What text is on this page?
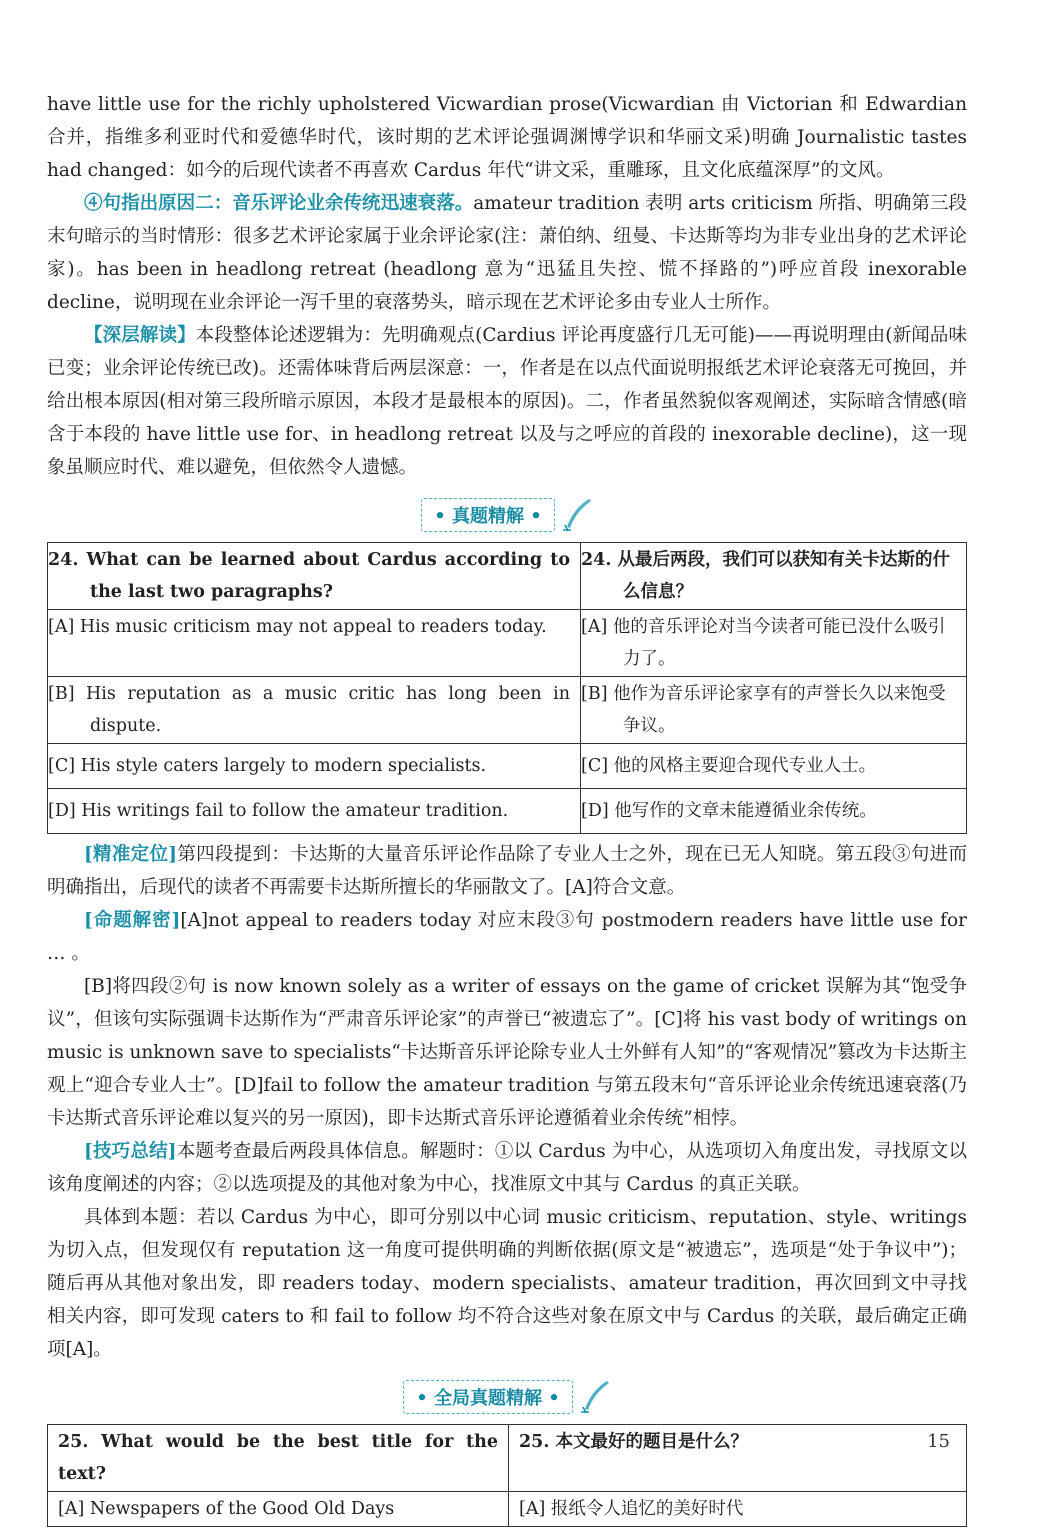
have little use for the richly upholstered Vicwardian prose(Vicwardian 由 Victorian 和 Edwardian 合并，指维多利亚时代和爱德华时代，该时期的艺术评论强调渊博学识和华丽文采)明确 Journalistic tastes had changed：如今的后现代读者不再喜欢 Cardus 年代“讲文采，重雕琢，且文化底蕴深厚”的文风。

④句指出原因二：音乐评论业余传统迅速衰落。amateur tradition 表明 arts criticism 所指、明确第三段末句暗示的当时情形：很多艺术评论家属于业余评论家(注：萧伯纳、纽曼、卡达斯等均为非专业出身的艺术评论家)。has been in headlong retreat (headlong 意为“迅猛且失控、慌不择路的”)呼应首段 inexorable decline，说明现在业余评论一泻千里的衰落势头，暗示现在艺术评论多由专业人士所作。

【深层解读】本段整体论述逻辑为：先明确观点(Cardius 评论再度盛行几无可能)——再说明理由(新闻品味已变；业余评论传统已改)。还需体味背后两层深意：一，作者是在以点代面说明报纸艺术评论衰落无可挽回，并给出根本原因(相对第三段所暗示原因，本段才是最根本的原因)。二，作者虽然貌似客观阐述，实际暗含情感(暗含于本段的 have little use for、in headlong retreat 以及与之呼应的首段的 inexorable decline)，这一现象虽顺应时代、难以避免，但依然令人遗憾。

• 真题精解 •
24. What can be learned about Cardus according to the last two paragraphs?	24. 从最后两段，我们可以获知有关卡达斯的什么信息？
[A] His music criticism may not appeal to readers today.	[A] 他的音乐评论对当今读者可能已没什么吸引力了。
[B] His reputation as a music critic has long been in dispute.	[B] 他作为音乐评论家享有的声誉长久以来饱受争议。
[C] His style caters largely to modern specialists.	[C] 他的风格主要迎合现代专业人士。
[D] His writings fail to follow the amateur tradition.	[D] 他写作的文章未能遵循业余传统。

[精准定位]第四段提到：卡达斯的大量音乐评论作品除了专业人士之外，现在已无人知晓。第五段③句进而明确指出，后现代的读者不再需要卡达斯所擅长的华丽散文了。[A]符合文意。

[命题解密][A]not appeal to readers today 对应末段③句 postmodern readers have little use for … 。

[B]将四段②句 is now known solely as a writer of essays on the game of cricket 误解为其“饱受争议”，但该句实际强调卡达斯作为“严肃音乐评论家”的声誉已“被遗忘了”。[C]将 his vast body of writings on music is unknown save to specialists“卡达斯音乐评论除专业人士外鲜有人知”的“客观情况”篡改为卡达斯主观上“迎合专业人士”。[D]fail to follow the amateur tradition 与第五段末句“音乐评论业余传统迅速衰落(乃卡达斯式音乐评论难以复兴的另一原因)，即卡达斯式音乐评论遵循着业余传统”相悖。

[技巧总结]本题考查最后两段具体信息。解题时：①以 Cardus 为中心，从选项切入角度出发，寻找原文以该角度阐述的内容；②以选项提及的其他对象为中心，找准原文中其与 Cardus 的真正关联。

具体到本题：若以 Cardus 为中心，即可分别以中心词 music criticism、reputation、style、writings 为切入点，但发现仅有 reputation 这一角度可提供明确的判断依据(原文是“被遗忘”，选项是“处于争议中”)；随后再从其他对象出发，即 readers today、modern specialists、amateur tradition，再次回到文中寻找相关内容，即可发现 caters to 和 fail to follow 均不符合这些对象在原文中与 Cardus 的关联，最后确定正确项[A]。

• 全局真题精解 •
25. What would be the best title for the text?	25. 本文最好的题目是什么？
[A] Newspapers of the Good Old Days	[A] 报纸令人追忆的美好时代
15
